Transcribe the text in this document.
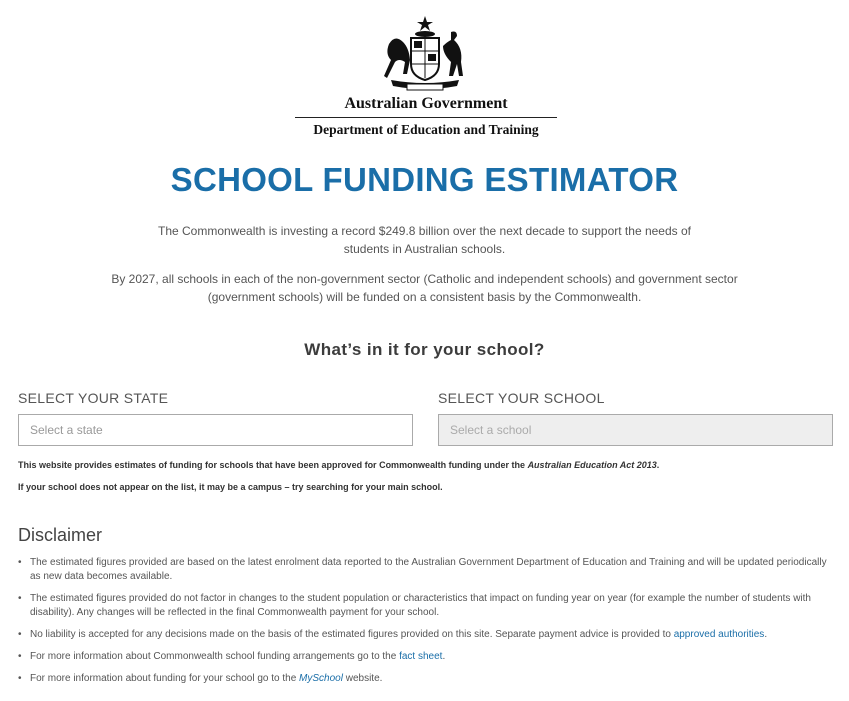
Australian Government
Department of Education and Training
SCHOOL FUNDING ESTIMATOR
The Commonwealth is investing a record $249.8 billion over the next decade to support the needs of students in Australian schools.
By 2027, all schools in each of the non-government sector (Catholic and independent schools) and government sector (government schools) will be funded on a consistent basis by the Commonwealth.
What’s in it for your school?
SELECT YOUR STATE
Select a state
SELECT YOUR SCHOOL
Select a school
This website provides estimates of funding for schools that have been approved for Commonwealth funding under the Australian Education Act 2013.
If your school does not appear on the list, it may be a campus – try searching for your main school.
Disclaimer
• The estimated figures provided are based on the latest enrolment data reported to the Australian Government Department of Education and Training and will be updated periodically as new data becomes available.
• The estimated figures provided do not factor in changes to the student population or characteristics that impact on funding year on year (for example the number of students with disability). Any changes will be reflected in the final Commonwealth payment for your school.
• No liability is accepted for any decisions made on the basis of the estimated figures provided on this site. Separate payment advice is provided to approved authorities.
• For more information about Commonwealth school funding arrangements go to the fact sheet.
• For more information about funding for your school go to the MySchool website.
